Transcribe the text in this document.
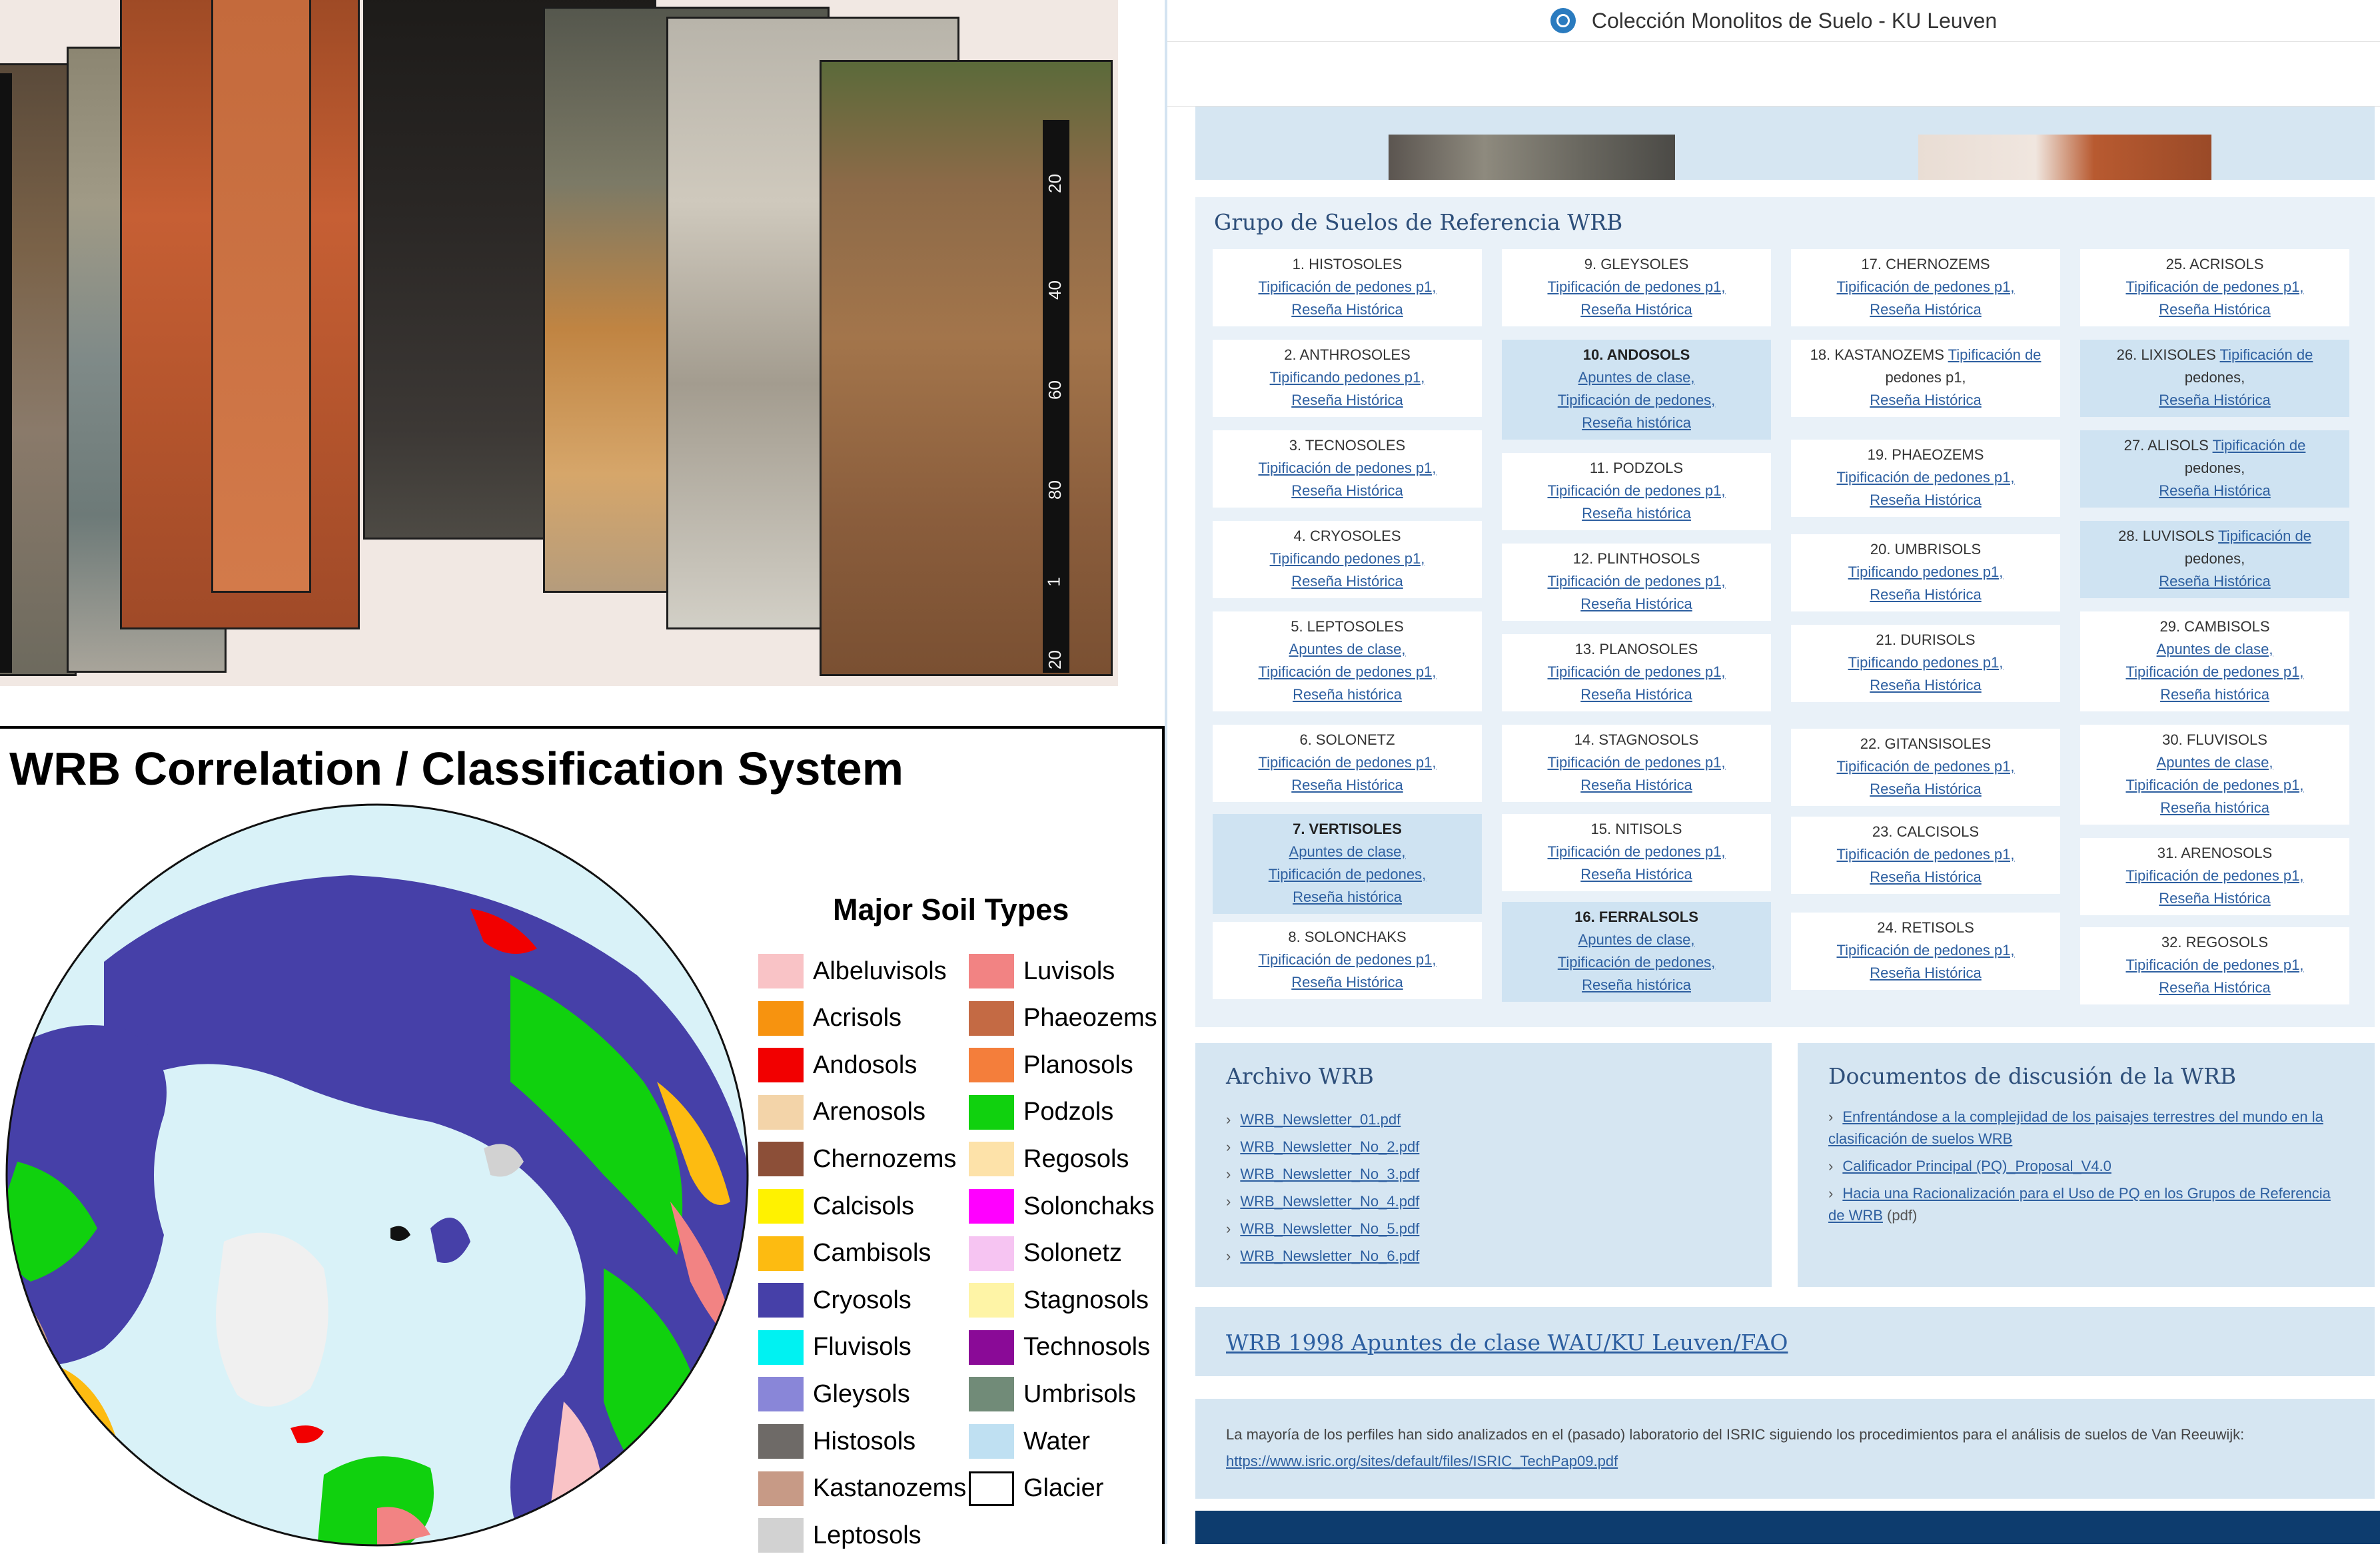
20
40
60
80
1
20
WRB Correlation / Classification System
Major Soil Types
Albeluvisols
Acrisols
Andosols
Arenosols
Chernozems
Calcisols
Cambisols
Cryosols
Fluvisols
Gleysols
Histosols
Kastanozems
Leptosols
Luvisols
Phaeozems
Planosols
Podzols
Regosols
Solonchaks
Solonetz
Stagnosols
Technosols
Umbrisols
Water
Glacier
Colección Monolitos de Suelo - KU Leuven
Grupo de Suelos de Referencia WRB
1. HISTOSOLES
Tipificación de pedones p1,
Reseña Histórica
2. ANTHROSOLES
Tipificando pedones p1,
Reseña Histórica
3. TECNOSOLES
Tipificación de pedones p1,
Reseña Histórica
4. CRYOSOLES
Tipificando pedones p1,
Reseña Histórica
5. LEPTOSOLES
Apuntes de clase,
Tipificación de pedones p1,
Reseña histórica
6. SOLONETZ
Tipificación de pedones p1,
Reseña Histórica
7. VERTISOLES
Apuntes de clase,
Tipificación de pedones,
Reseña histórica
8. SOLONCHAKS
Tipificación de pedones p1,
Reseña Histórica
9. GLEYSOLES
Tipificación de pedones p1,
Reseña Histórica
10. ANDOSOLS
Apuntes de clase,
Tipificación de pedones,
Reseña histórica
11. PODZOLS
Tipificación de pedones p1,
Reseña histórica
12. PLINTHOSOLS
Tipificación de pedones p1,
Reseña Histórica
13. PLANOSOLES
Tipificación de pedones p1,
Reseña Histórica
14. STAGNOSOLS
Tipificación de pedones p1,
Reseña Histórica
15. NITISOLS
Tipificación de pedones p1,
Reseña Histórica
16. FERRALSOLS
Apuntes de clase,
Tipificación de pedones,
Reseña histórica
17. CHERNOZEMS
Tipificación de pedones p1,
Reseña Histórica
18. KASTANOZEMS Tipificación de
pedones p1,
Reseña Histórica
19. PHAEOZEMS
Tipificación de pedones p1,
Reseña Histórica
20. UMBRISOLS
Tipificando pedones p1,
Reseña Histórica
21. DURISOLS
Tipificando pedones p1,
Reseña Histórica
22. GITANSISOLES
Tipificación de pedones p1,
Reseña Histórica
23. CALCISOLS
Tipificación de pedones p1,
Reseña Histórica
24. RETISOLS
Tipificación de pedones p1,
Reseña Histórica
25. ACRISOLS
Tipificación de pedones p1,
Reseña Histórica
26. LIXISOLES Tipificación de
pedones,
Reseña Histórica
27. ALISOLS Tipificación de
pedones,
Reseña Histórica
28. LUVISOLS Tipificación de
pedones,
Reseña Histórica
29. CAMBISOLS
Apuntes de clase,
Tipificación de pedones p1,
Reseña histórica
30. FLUVISOLS
Apuntes de clase,
Tipificación de pedones p1,
Reseña histórica
31. ARENOSOLS
Tipificación de pedones p1,
Reseña Histórica
32. REGOSOLS
Tipificación de pedones p1,
Reseña Histórica
Archivo WRB
› WRB_Newsletter_01.pdf
› WRB_Newsletter_No_2.pdf
› WRB_Newsletter_No_3.pdf
› WRB_Newsletter_No_4.pdf
› WRB_Newsletter_No_5.pdf
› WRB_Newsletter_No_6.pdf
Documentos de discusión de la WRB
› Enfrentándose a la complejidad de los paisajes terrestres del mundo en la clasificación de suelos WRB
› Calificador Principal (PQ)_Proposal_V4.0
› Hacia una Racionalización para el Uso de PQ en los Grupos de Referencia de WRB (pdf)
WRB 1998 Apuntes de clase WAU/KU Leuven/FAO
La mayoría de los perfiles han sido analizados en el (pasado) laboratorio del ISRIC siguiendo los procedimientos para el análisis de suelos de Van Reeuwijk: https://www.isric.org/sites/default/files/ISRIC_TechPap09.pdf
